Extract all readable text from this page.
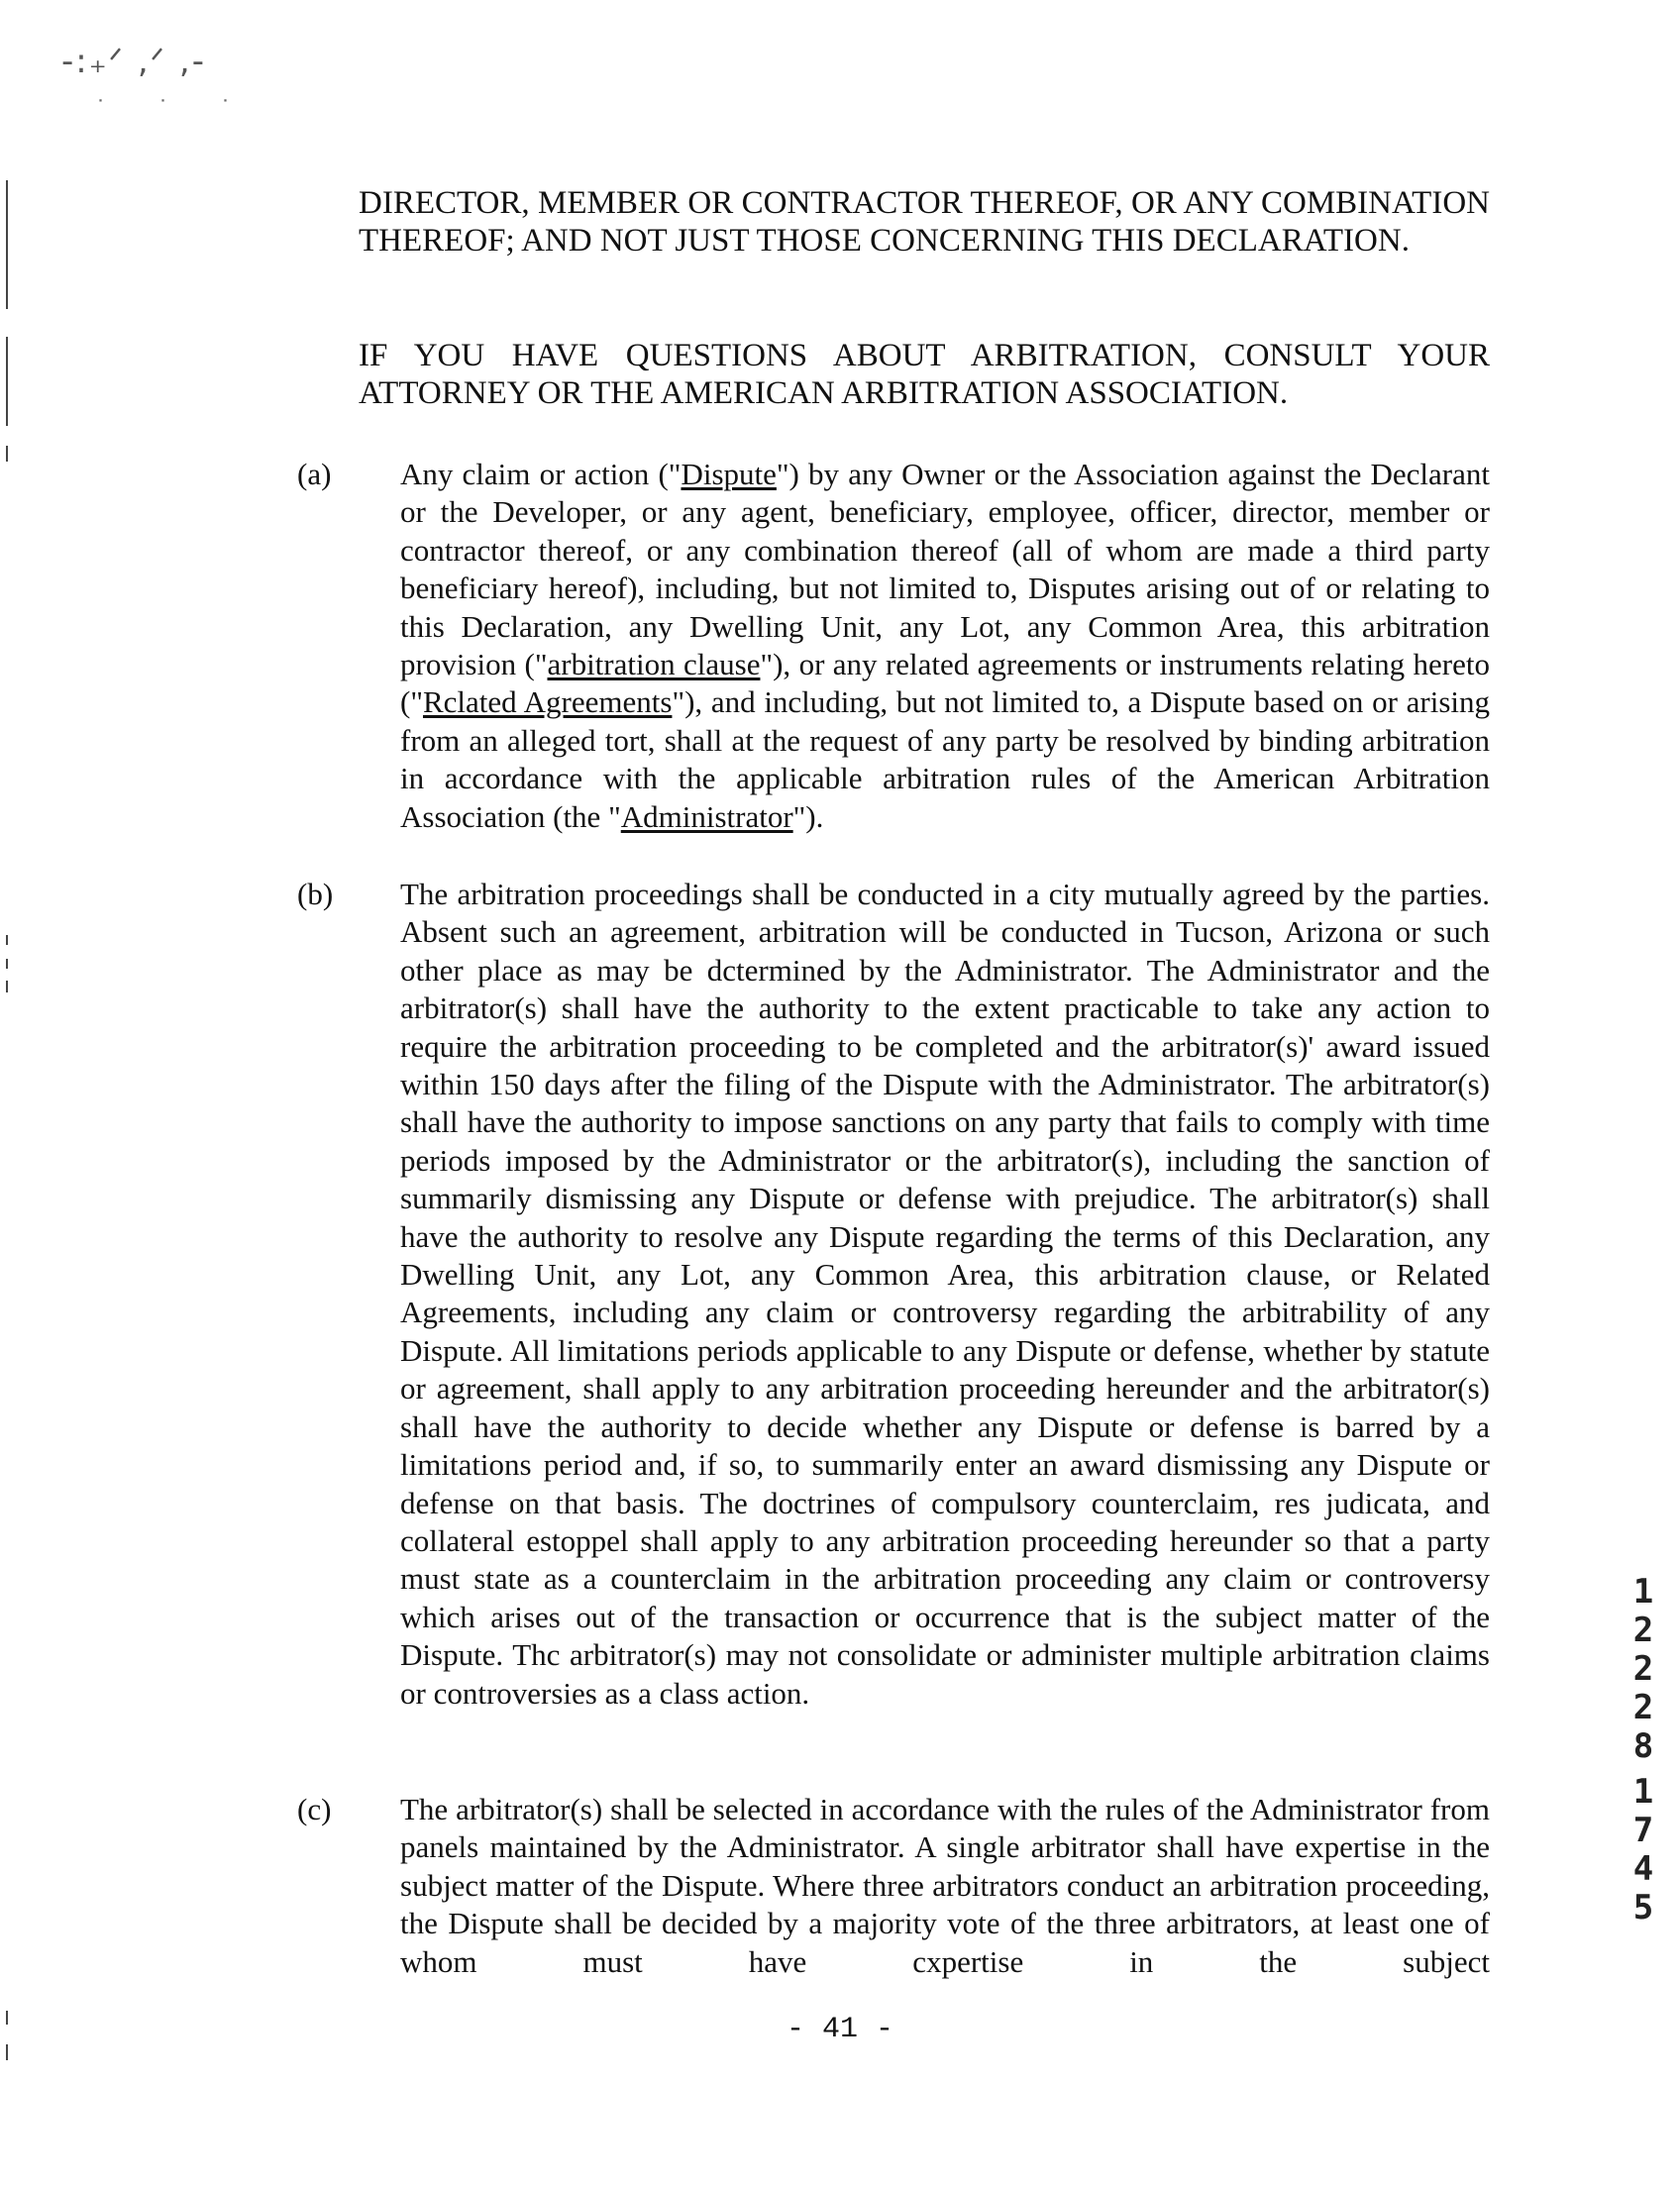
-:₊ᐟ ,ᐟ ,-
˙˙˙
DIRECTOR, MEMBER OR CONTRACTOR THEREOF, OR ANY COMBINATION THEREOF; AND NOT JUST THOSE CONCERNING THIS DECLARATION.
IF YOU HAVE QUESTIONS ABOUT ARBITRATION, CONSULT YOUR ATTORNEY OR THE AMERICAN ARBITRATION ASSOCIATION.
(a) Any claim or action ("Dispute") by any Owner or the Association against the Declarant or the Developer, or any agent, beneficiary, employee, officer, director, member or contractor thereof, or any combination thereof (all of whom are made a third party beneficiary hereof), including, but not limited to, Disputes arising out of or relating to this Declaration, any Dwelling Unit, any Lot, any Common Area, this arbitration provision ("arbitration clause"), or any related agreements or instruments relating hereto ("Rclated Agreements"), and including, but not limited to, a Dispute based on or arising from an alleged tort, shall at the request of any party be resolved by binding arbitration in accordance with the applicable arbitration rules of the American Arbitration Association (the "Administrator").
(b) The arbitration proceedings shall be conducted in a city mutually agreed by the parties. Absent such an agreement, arbitration will be conducted in Tucson, Arizona or such other place as may be dctermined by the Administrator. The Administrator and the arbitrator(s) shall have the authority to the extent practicable to take any action to require the arbitration proceeding to be completed and the arbitrator(s)' award issued within 150 days after the filing of the Dispute with the Administrator. The arbitrator(s) shall have the authority to impose sanctions on any party that fails to comply with time periods imposed by the Administrator or the arbitrator(s), including the sanction of summarily dismissing any Dispute or defense with prejudice. The arbitrator(s) shall have the authority to resolve any Dispute regarding the terms of this Declaration, any Dwelling Unit, any Lot, any Common Area, this arbitration clause, or Related Agreements, including any claim or controversy regarding the arbitrability of any Dispute. All limitations periods applicable to any Dispute or defense, whether by statute or agreement, shall apply to any arbitration proceeding hereunder and the arbitrator(s) shall have the authority to decide whether any Dispute or defense is barred by a limitations period and, if so, to summarily enter an award dismissing any Dispute or defense on that basis. The doctrines of compulsory counterclaim, res judicata, and collateral estoppel shall apply to any arbitration proceeding hereunder so that a party must state as a counterclaim in the arbitration proceeding any claim or controversy which arises out of the transaction or occurrence that is the subject matter of the Dispute. Thc arbitrator(s) may not consolidate or administer multiple arbitration claims or controversies as a class action.
(c) The arbitrator(s) shall be selected in accordance with the rules of the Administrator from panels maintained by the Administrator. A single arbitrator shall have expertise in the subject matter of the Dispute. Where three arbitrators conduct an arbitration proceeding, the Dispute shall be decided by a majority vote of the three arbitrators, at least one of whom must have cxpertise in the subject
1
2
2
2
8
1
7
4
5
- 41 -
